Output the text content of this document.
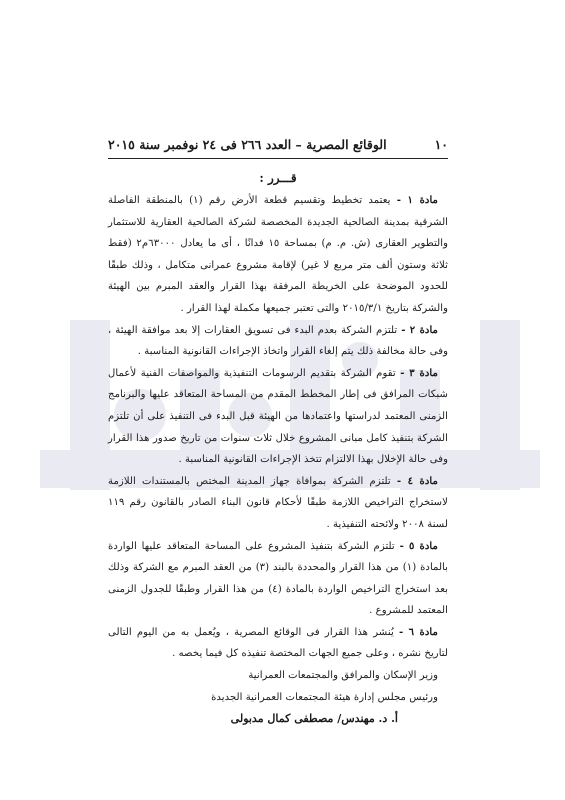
١٠
الوقائع المصرية – العدد ٢٦٦ فى ٢٤ نوفمبر سنة ٢٠١٥

قـــرر :

مادة ١ - يعتمد تخطيط وتقسيم قطعة الأرض رقم (١) بالمنطقة الفاصلة الشرقية بمدينة الصالحية الجديدة المخصصة لشركة الصالحية العقارية للاستثمار والتطوير العقارى (ش. م. م) بمساحة ١٥ فدانًا ، أى ما يعادل ٦٣٠٠٠م٢ (فقط ثلاثة وستون ألف متر مربع لا غير) لإقامة مشروع عمرانى متكامل ، وذلك طبقًا للحدود الموضحة على الخريطة المرفقة بهذا القرار والعقد المبرم بين الهيئة والشركة بتاريخ ٢٠١٥/٣/١ والتى تعتبر جميعها مكملة لهذا القرار .

مادة ٢ - تلتزم الشركة بعدم البدء فى تسويق العقارات إلا بعد موافقة الهيئة ، وفى حالة مخالفة ذلك يتم إلغاء القرار واتخاذ الإجراءات القانونية المناسبة .

مادة ٣ - تقوم الشركة بتقديم الرسومات التنفيذية والمواصفات الفنية لأعمال شبكات المرافق فى إطار المخطط المقدم من المساحة المتعاقد عليها والبرنامج الزمنى المعتمد لدراستها واعتمادها من الهيئة قبل البدء فى التنفيذ على أن تلتزم الشركة بتنفيذ كامل مبانى المشروع خلال ثلاث سنوات من تاريخ صدور هذا القرار وفى حالة الإخلال بهذا الالتزام تتخذ الإجراءات القانونية المناسبة .

مادة ٤ - تلتزم الشركة بموافاة جهاز المدينة المختص بالمستندات اللازمة لاستخراج التراخيص اللازمة طبقًا لأحكام قانون البناء الصادر بالقانون رقم ١١٩ لسنة ٢٠٠٨ ولائحته التنفيذية .

مادة ٥ - تلتزم الشركة بتنفيذ المشروع على المساحة المتعاقد عليها الواردة بالمادة (١) من هذا القرار والمحددة بالبند (٣) من العقد المبرم مع الشركة وذلك بعد استخراج التراخيص الواردة بالمادة (٤) من هذا القرار وطبقًا للجدول الزمنى المعتمد للمشروع .

مادة ٦ - يُنشر هذا القرار فى الوقائع المصرية ، ويُعمل به من اليوم التالى لتاريخ نشره ، وعلى جميع الجهات المختصة تنفيذه كل فيما يخصه .

وزير الإسكان والمرافق والمجتمعات العمرانية

ورئيس مجلس إدارة هيئة المجتمعات العمرانية الجديدة

أ. د. مهندس/ مصطفى كمال مدبولى
